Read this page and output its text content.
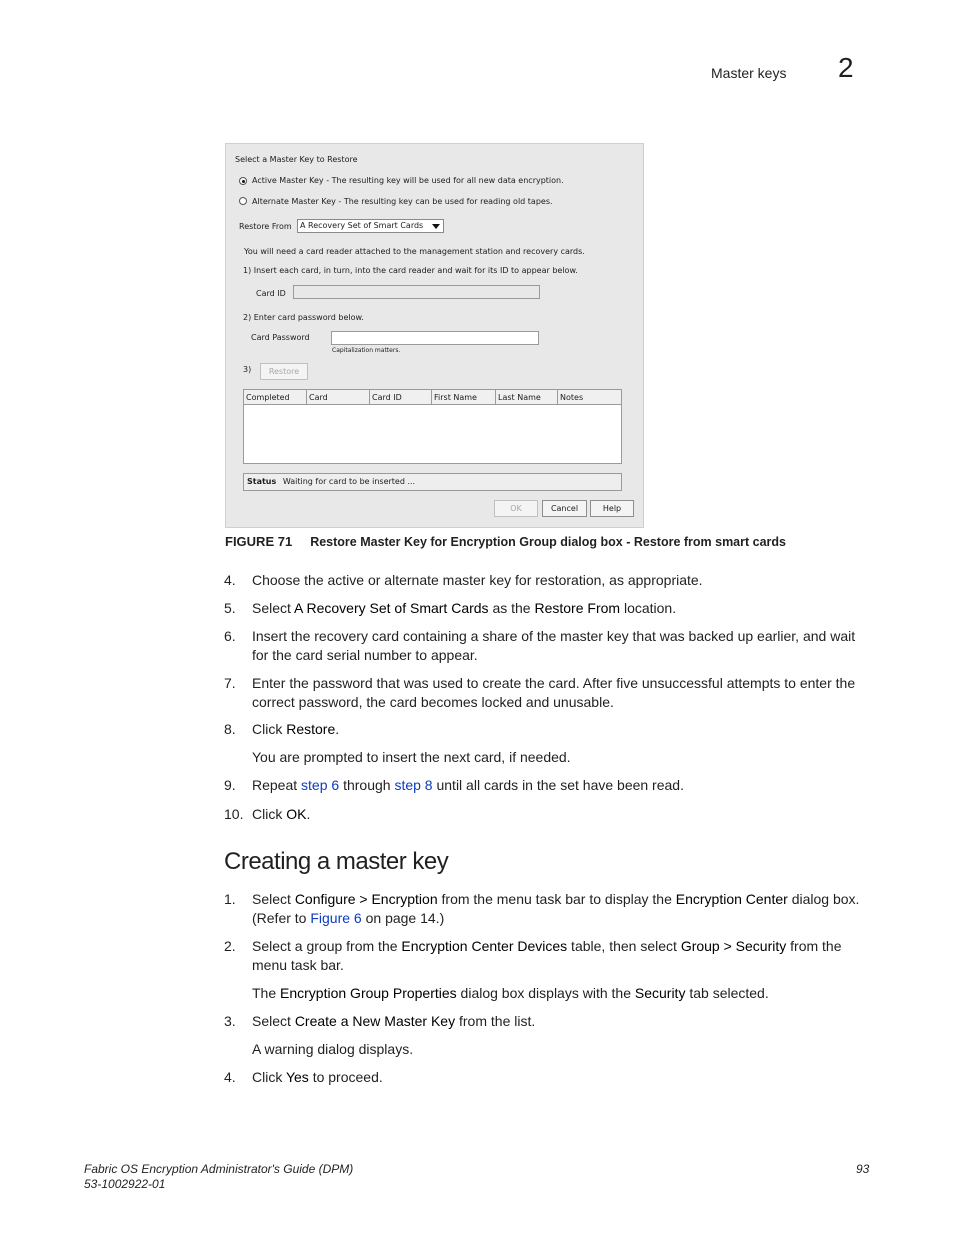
Master keys 2
Select a Master Key to Restore
Active Master Key - The resulting key will be used for all new data encryption.
Alternate Master Key - The resulting key can be used for reading old tapes.
Restore From	A Recovery Set of Smart Cards
You will need a card reader attached to the management station and recovery cards.
1) Insert each card, in turn, into the card reader and wait for its ID to appear below.
Card ID
2) Enter card password below.
Card Password
Capitalization matters.
3)	Restore
Completed	Card	Card ID	First Name	Last Name	Notes
Status Waiting for card to be inserted ...
OK	Cancel	Help
FIGURE 71 Restore Master Key for Encryption Group dialog box - Restore from smart cards
4. Choose the active or alternate master key for restoration, as appropriate.
5. Select A Recovery Set of Smart Cards as the Restore From location.
6. Insert the recovery card containing a share of the master key that was backed up earlier, and wait for the card serial number to appear.
7. Enter the password that was used to create the card. After five unsuccessful attempts to enter the correct password, the card becomes locked and unusable.
8. Click Restore.
You are prompted to insert the next card, if needed.
9. Repeat step 6 through step 8 until all cards in the set have been read.
10. Click OK.
Creating a master key
1. Select Configure > Encryption from the menu task bar to display the Encryption Center dialog box. (Refer to Figure 6 on page 14.)
2. Select a group from the Encryption Center Devices table, then select Group > Security from the menu task bar.
The Encryption Group Properties dialog box displays with the Security tab selected.
3. Select Create a New Master Key from the list.
A warning dialog displays.
4. Click Yes to proceed.
Fabric OS Encryption Administrator's Guide (DPM)
53-1002922-01
93
